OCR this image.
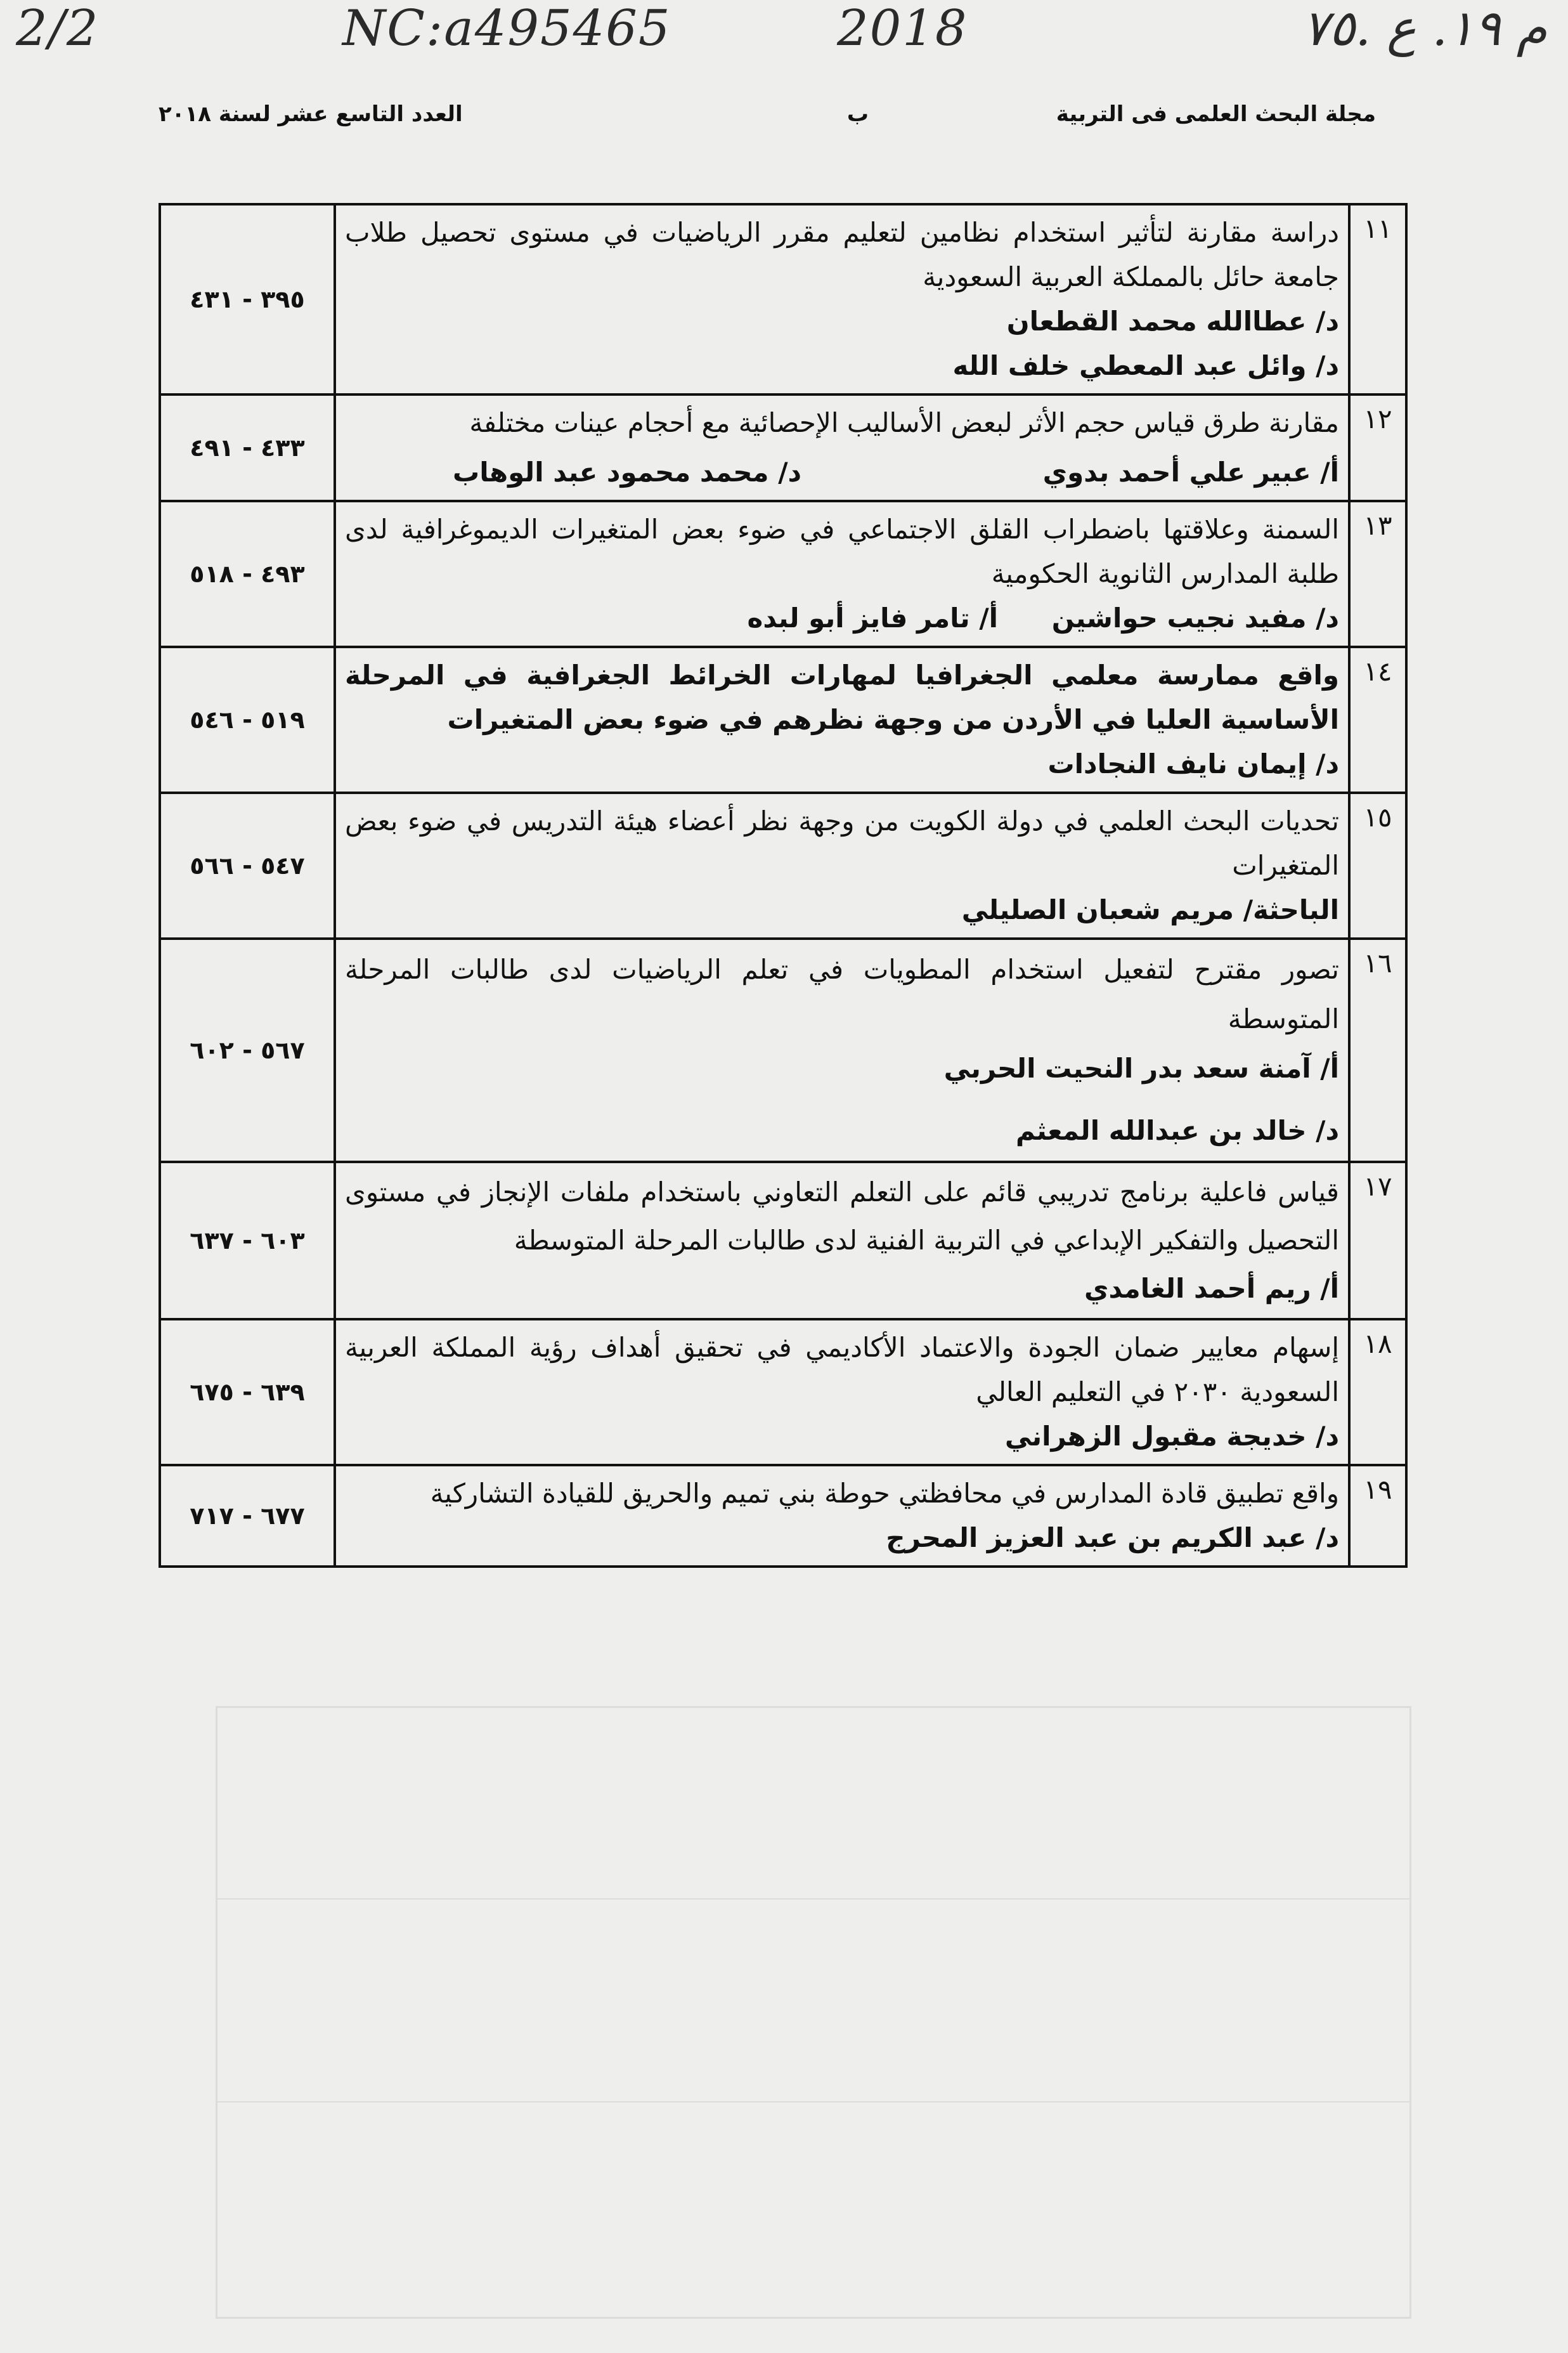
2/2	NC:a495465	2018	م ١٩. ع .٧٥
مجلة البحث العلمى فى التربية
ب
العدد التاسع عشر لسنة ٢٠١٨
١١	دراسة مقارنة لتأثير استخدام نظامين لتعليم مقرر الرياضيات في مستوى تحصيل طلاب جامعة حائل بالمملكة العربية السعودية
د/ عطاالله محمد القطعان
د/ وائل عبد المعطي خلف الله	٣٩٥ - ٤٣١
١٢	مقارنة طرق قياس حجم الأثر لبعض الأساليب الإحصائية مع أحجام عينات مختلفة
أ/ عبير علي أحمد بدوي
د/ محمد محمود عبد الوهاب	٤٣٣ - ٤٩١
١٣	السمنة وعلاقتها باضطراب القلق الاجتماعي في ضوء بعض المتغيرات الديموغرافية لدى طلبة المدارس الثانوية الحكومية
د/ مفيد نجيب حواشين أ/ تامر فايز أبو لبده	٤٩٣ - ٥١٨
١٤	واقع ممارسة معلمي الجغرافيا لمهارات الخرائط الجغرافية في المرحلة الأساسية العليا في الأردن من وجهة نظرهم في ضوء بعض المتغيرات
د/ إيمان نايف النجادات	٥١٩ - ٥٤٦
١٥	تحديات البحث العلمي في دولة الكويت من وجهة نظر أعضاء هيئة التدريس في ضوء بعض المتغيرات
الباحثة/ مريم شعبان الصليلي	٥٤٧ - ٥٦٦
١٦	تصور مقترح لتفعيل استخدام المطويات في تعلم الرياضيات لدى طالبات المرحلة المتوسطة
أ/ آمنة سعد بدر النحيت الحربي
د/ خالد بن عبدالله المعثم	٥٦٧ - ٦٠٢
١٧	قياس فاعلية برنامج تدريبي قائم على التعلم التعاوني باستخدام ملفات الإنجاز في مستوى التحصيل والتفكير الإبداعي في التربية الفنية لدى طالبات المرحلة المتوسطة
أ/ ريم أحمد الغامدي	٦٠٣ - ٦٣٧
١٨	إسهام معايير ضمان الجودة والاعتماد الأكاديمي في تحقيق أهداف رؤية المملكة العربية السعودية ٢٠٣٠ في التعليم العالي
د/ خديجة مقبول الزهراني	٦٣٩ - ٦٧٥
١٩	واقع تطبيق قادة المدارس في محافظتي حوطة بني تميم والحريق للقيادة التشاركية
د/ عبد الكريم بن عبد العزيز المحرج	٦٧٧ - ٧١٧
